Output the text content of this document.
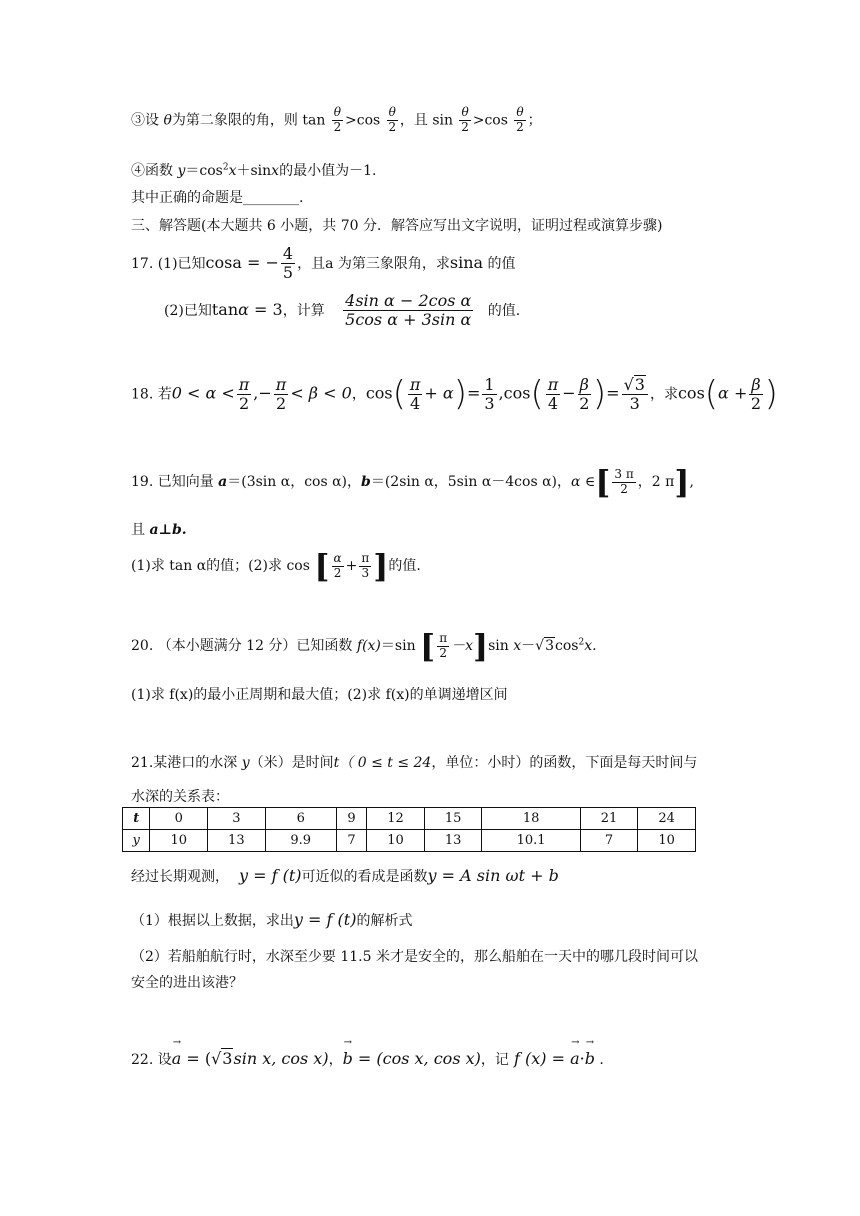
③设 θ为第二象限的角，则 $\tan \frac{\theta}{2} >\cos \frac{\theta}{2}$ ，且 $\sin \frac{\theta}{2} >\cos \frac{\theta}{2}$ ；
④函数 $y=\cos^2x+\sin x$的最小值为－1.
其中正确的命题是________.
三、解答题(本大题共 6 小题，共 70 分．解答应写出文字说明，证明过程或演算步骤)
17. (1)已知cosa = − $\frac{4}{5}$ ，且a 为第三象限角，求sina 的值
(2)已知tanα = 3，计算 $\frac{\text{4sin α − 2cos α}}{\text{5cos α + 3sin α}}$ 的值.
18. 若$0 < \alpha < \frac{\pi}{2}$ ,− $\frac{\pi}{2} < \beta < 0$，$\cos( \frac{\pi}{4} + \alpha)= \frac{1}{3} ,\cos( \frac{\pi}{4} - \frac{\beta}{2}$ )= $\frac{√3}{3}$ ，求$\cos(\alpha + \frac{\beta}{2}$ )
19. 已知向量 a＝(3sin α，cos α)，b＝(2sin α，5sin α－4cos α)，α ∈[ $\frac{3 \pi}{2}$ ，2 π],
且 a⊥b.
(1)求 tan α的值；(2)求 cos [ $\frac{\alpha}{2} + \frac{\pi}{3}$ ]的值.
20. （本小题满分 12 分）已知函数 f(x)＝sin [ $\frac{\pi}{2} -x]\sin$ $x-√3\cos^2x$.
(1)求 f(x)的最小正周期和最大值；(2)求 f(x)的单调递增区间
21.某港口的水深 y（米）是时间t（ 0 ≤ t ≤ 24，单位：小时）的函数，下面是每天时间与
水深的关系表：
t	0	3	6	9	12	15	18	21	24
y	10	13	9.9	7	10	13	10.1	7	10
经过长期观测， y = f (t)可近似的看成是函数y = A sin ωt + b
（1）根据以上数据，求出y = f (t)的解析式
（2）若船舶航行时，水深至少要 11.5 米才是安全的，那么船舶在一天中的哪几段时间可以
安全的进出该港？
22. 设
→
a = (√3sin x, cos x)，
→
b = (cos x, cos x)，记 f (x) =
→
a·
→
b .
